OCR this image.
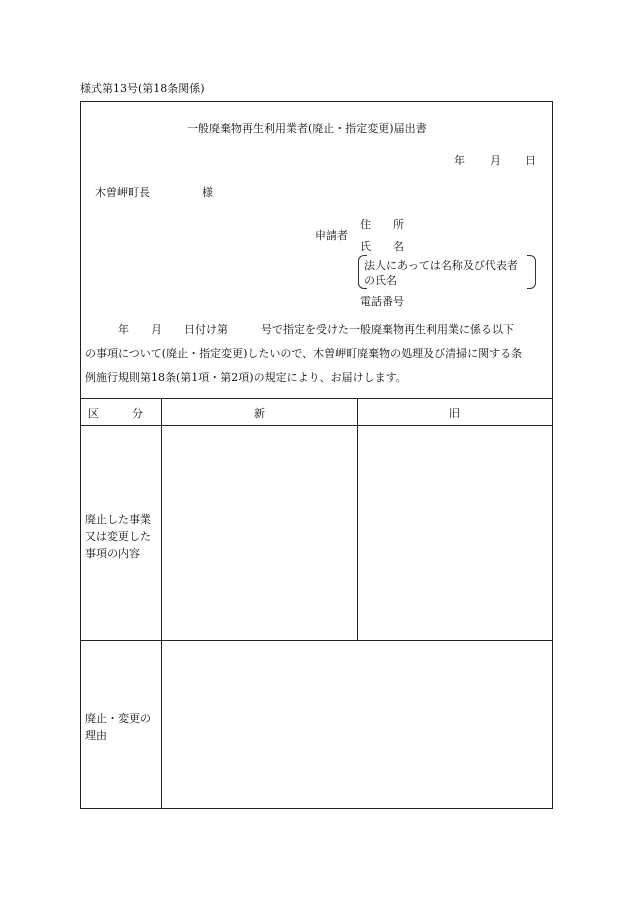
様式第13号(第18条関係)
一般廃棄物再生利用業者(廃止・指定変更)届出書
年 月 日
木曽岬町長	様
申請者
住　　所
氏　　名
法人にあっては名称及び代表者
の氏名
電話番号
　　　年　　月　　日付け第　　　号で指定を受けた一般廃棄物再生利用業に係る以下
の事項について(廃止・指定変更)したいので、木曽岬町廃棄物の処理及び清掃に関する条
例施行規則第18条(第1項・第2項)の規定により、お届けします。
区　　　分	新	旧
廃止した事業
又は変更した
事項の内容
廃止・変更の
理由
